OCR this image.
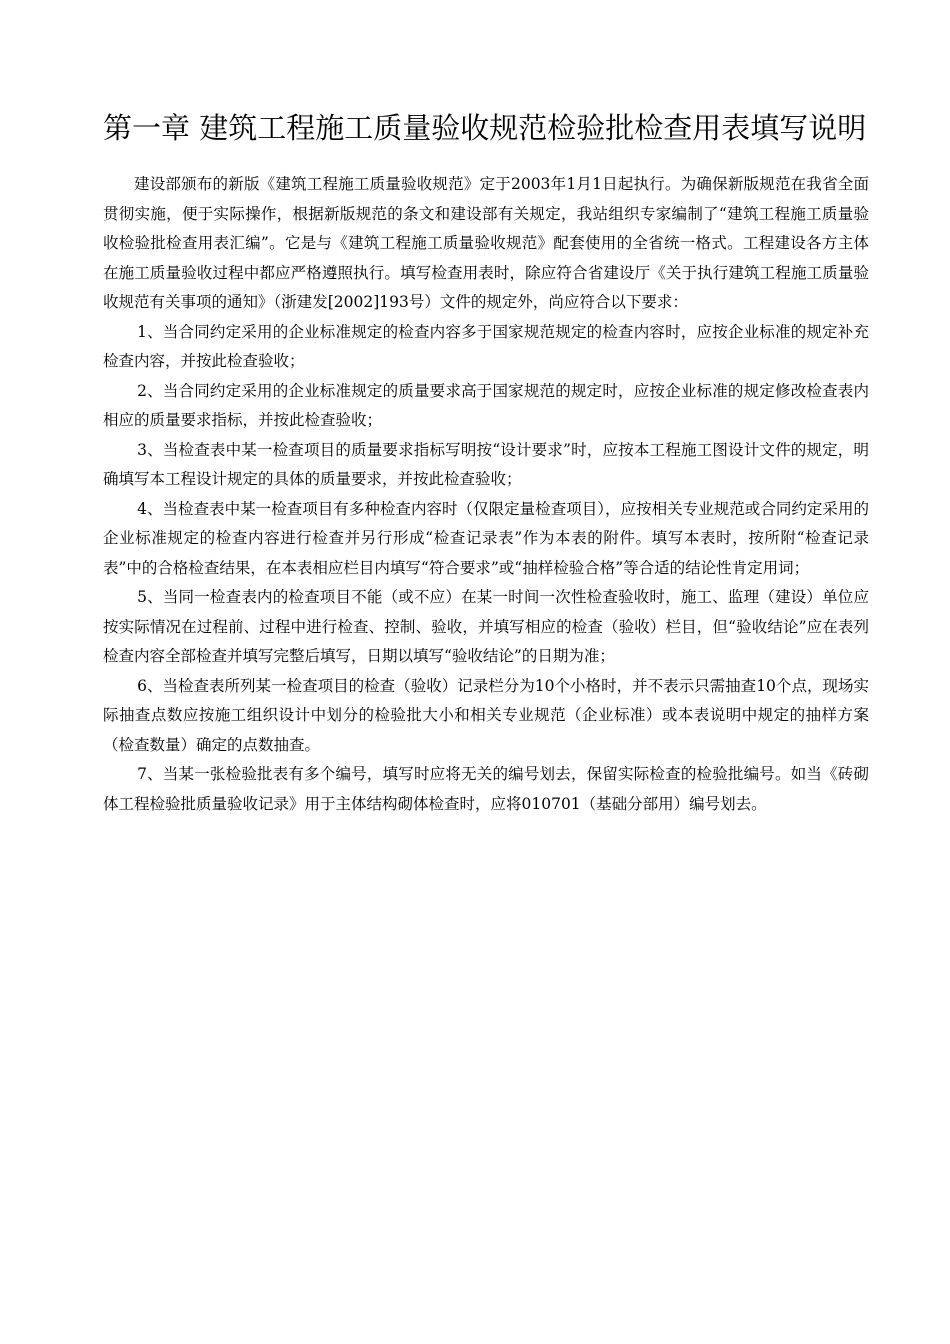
第一章 建筑工程施工质量验收规范检验批检查用表填写说明

建设部颁布的新版《建筑工程施工质量验收规范》定于2003年1月1日起执行。为确保新版规范在我省全面贯彻实施，便于实际操作，根据新版规范的条文和建设部有关规定，我站组织专家编制了“建筑工程施工质量验收检验批检查用表汇编”。它是与《建筑工程施工质量验收规范》配套使用的全省统一格式。工程建设各方主体在施工质量验收过程中都应严格遵照执行。填写检查用表时，除应符合省建设厅《关于执行建筑工程施工质量验收规范有关事项的通知》（浙建发[2002]193号）文件的规定外，尚应符合以下要求：

1、当合同约定采用的企业标准规定的检查内容多于国家规范规定的检查内容时，应按企业标准的规定补充检查内容，并按此检查验收；

2、当合同约定采用的企业标准规定的质量要求高于国家规范的规定时，应按企业标准的规定修改检查表内相应的质量要求指标，并按此检查验收；

3、当检查表中某一检查项目的质量要求指标写明按“设计要求”时，应按本工程施工图设计文件的规定，明确填写本工程设计规定的具体的质量要求，并按此检查验收；

4、当检查表中某一检查项目有多种检查内容时（仅限定量检查项目），应按相关专业规范或合同约定采用的企业标准规定的检查内容进行检查并另行形成“检查记录表”作为本表的附件。填写本表时，按所附“检查记录表”中的合格检查结果，在本表相应栏目内填写“符合要求”或“抽样检验合格”等合适的结论性肯定用词；

5、当同一检查表内的检查项目不能（或不应）在某一时间一次性检查验收时，施工、监理（建设）单位应按实际情况在过程前、过程中进行检查、控制、验收，并填写相应的检查（验收）栏目，但“验收结论”应在表列检查内容全部检查并填写完整后填写，日期以填写“验收结论”的日期为准；

6、当检查表所列某一检查项目的检查（验收）记录栏分为10个小格时，并不表示只需抽查10个点，现场实际抽查点数应按施工组织设计中划分的检验批大小和相关专业规范（企业标准）或本表说明中规定的抽样方案（检查数量）确定的点数抽查。

7、当某一张检验批表有多个编号，填写时应将无关的编号划去，保留实际检查的检验批编号。如当《砖砌体工程检验批质量验收记录》用于主体结构砌体检查时，应将010701（基础分部用）编号划去。
